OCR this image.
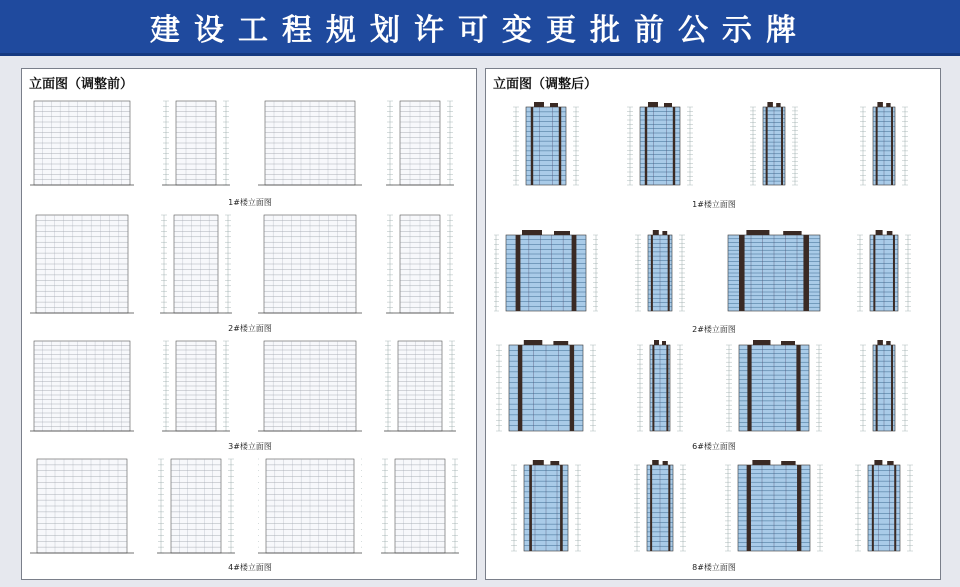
建设工程规划许可变更批前公示牌
立面图（调整前）
1#楼立面图
2#楼立面图
3#楼立面图
4#楼立面图
立面图（调整后）
1#楼立面图
2#楼立面图
6#楼立面图
8#楼立面图
